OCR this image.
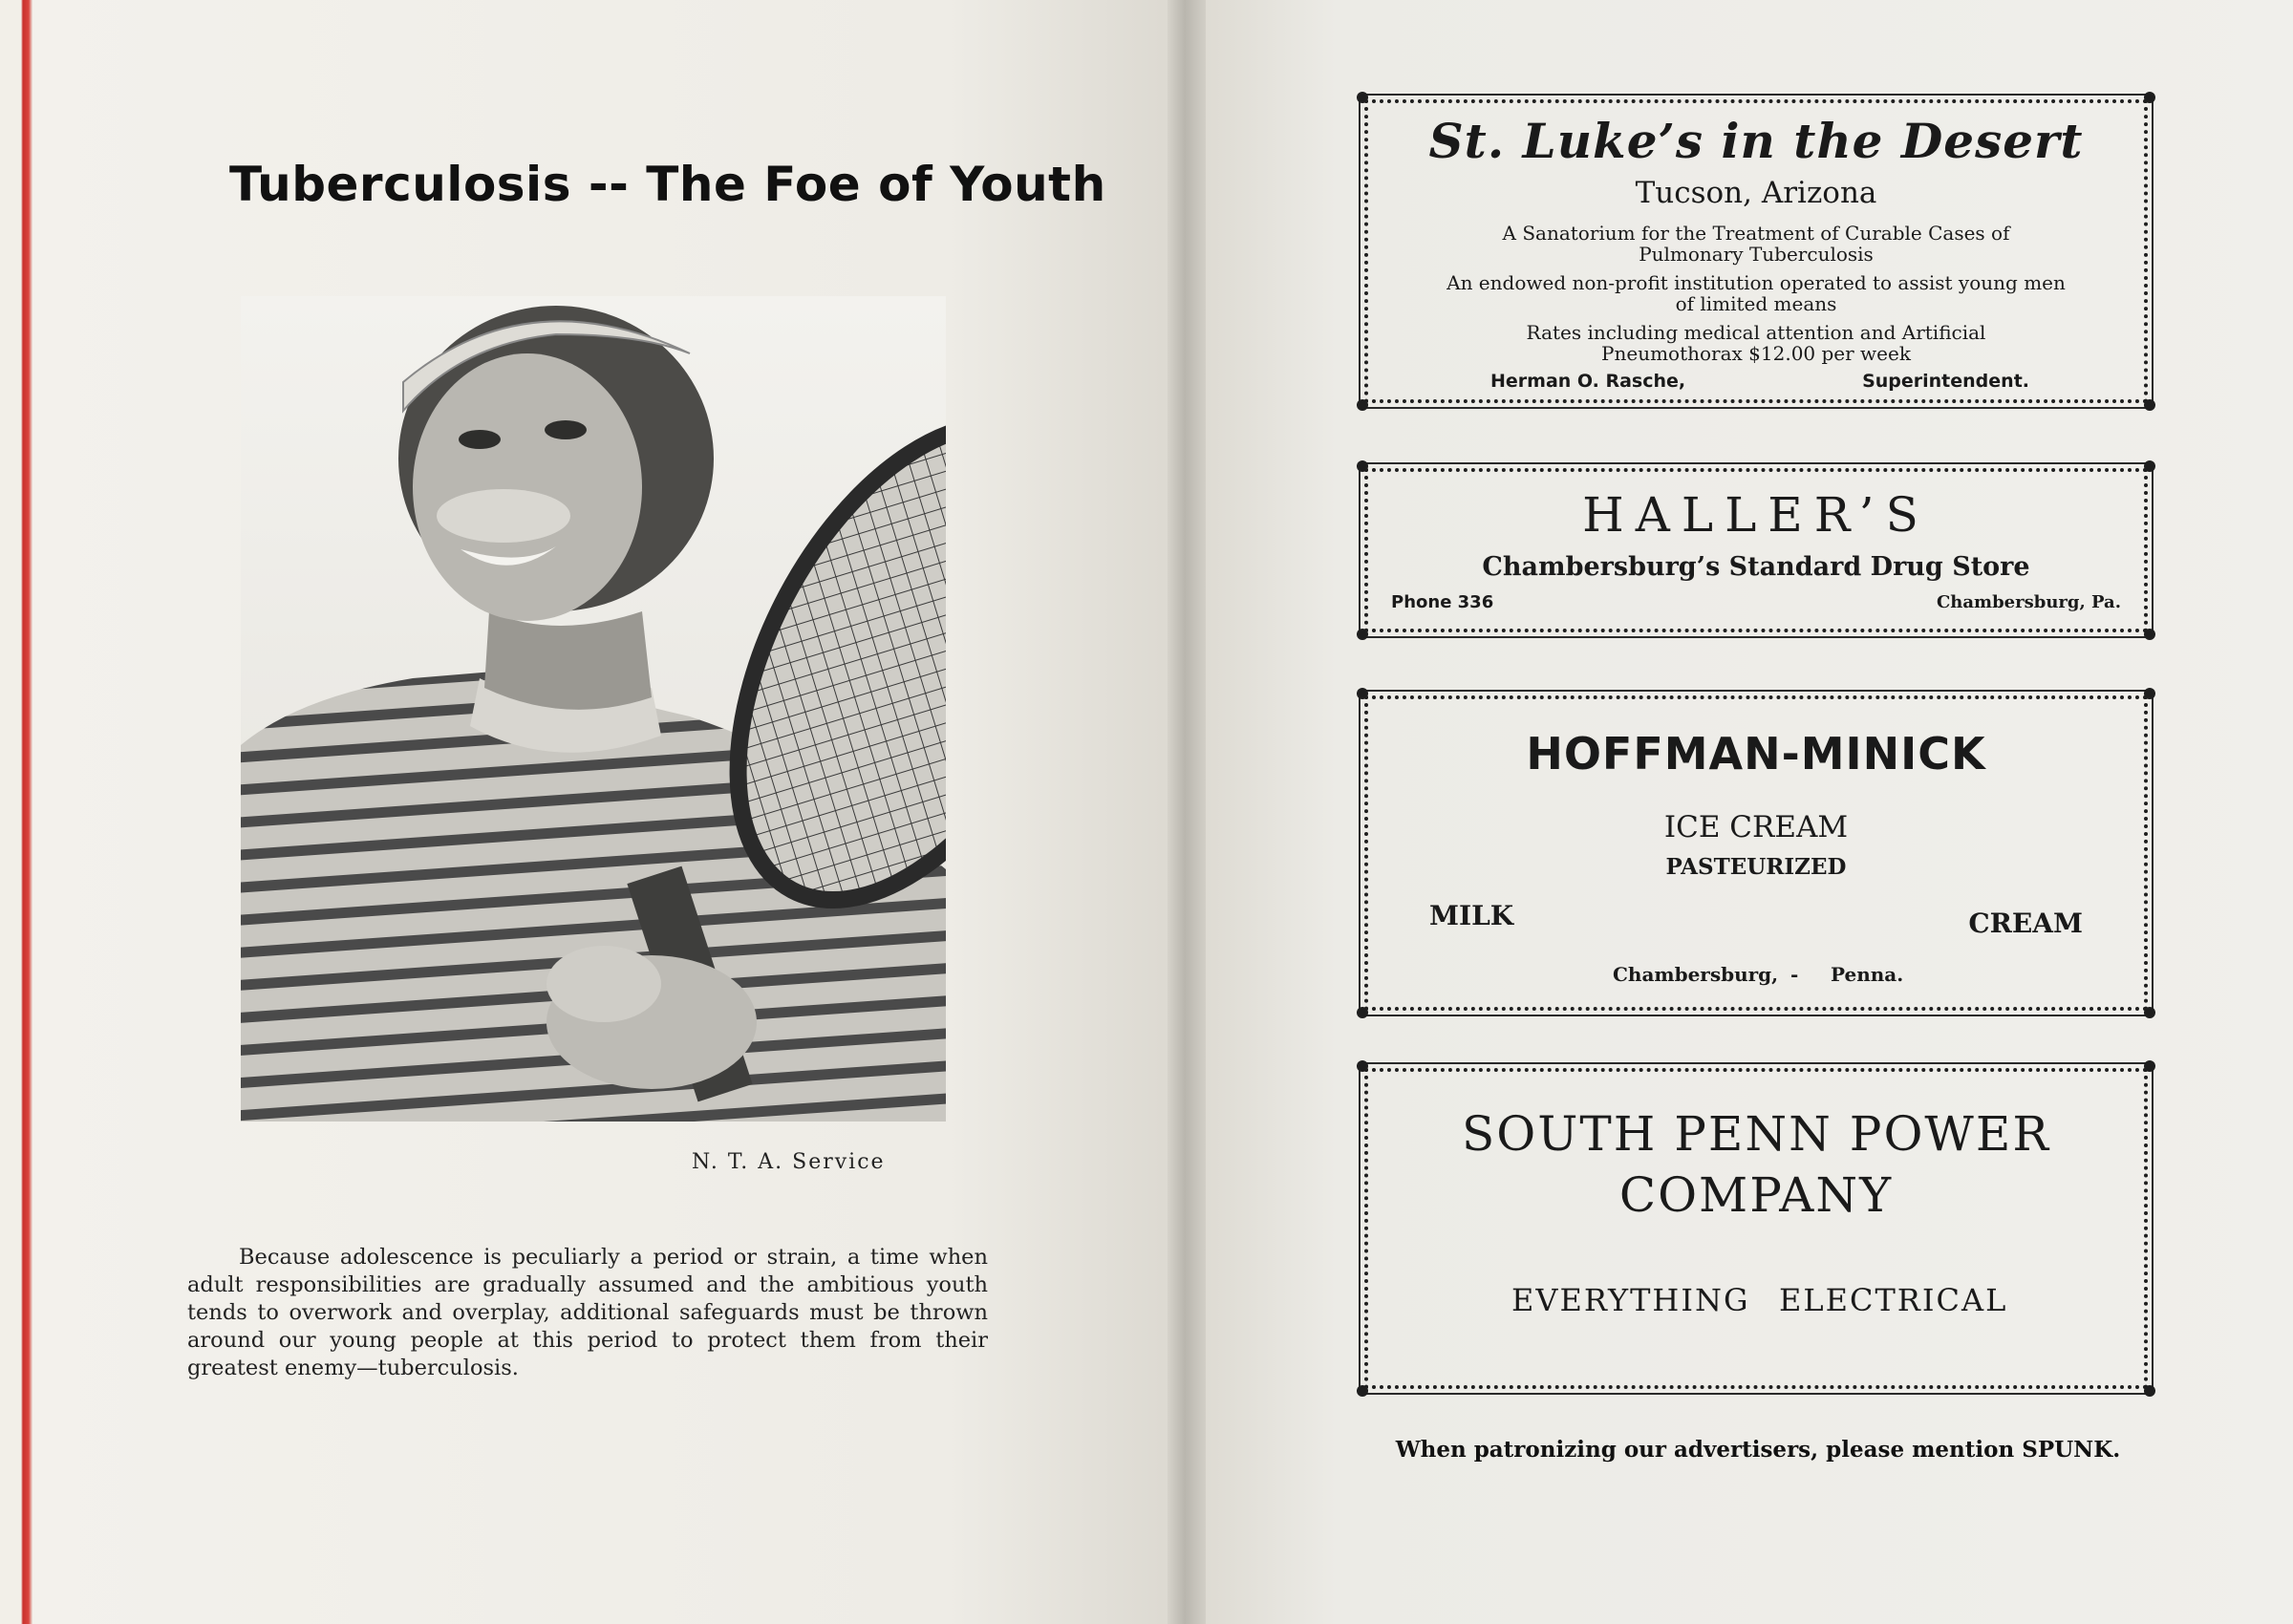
Tuberculosis -- The Foe of Youth
N. T. A. Service
Because adolescence is peculiarly a period or strain, a time when adult responsibilities are gradually assumed and the ambitious youth tends to overwork and overplay, additional safeguards must be thrown around our young people at this period to protect them from their greatest enemy—tuberculosis.
St. Luke’s in the Desert
Tucson, Arizona
A Sanatorium for the Treatment of Curable Cases of
Pulmonary Tuberculosis
An endowed non-profit institution operated to assist young men
of limited means
Rates including medical attention and Artificial
Pneumothorax $12.00 per week
Herman O. Rasche,	Superintendent.
HALLER’S
Chambersburg’s Standard Drug Store
Phone 336	Chambersburg, Pa.
HOFFMAN-MINICK
ICE CREAM
PASTEURIZED
MILK	CREAM
Chambersburg, - Penna.
SOUTH PENN POWER
COMPANY
EVERYTHING ELECTRICAL
When patronizing our advertisers, please mention SPUNK.
